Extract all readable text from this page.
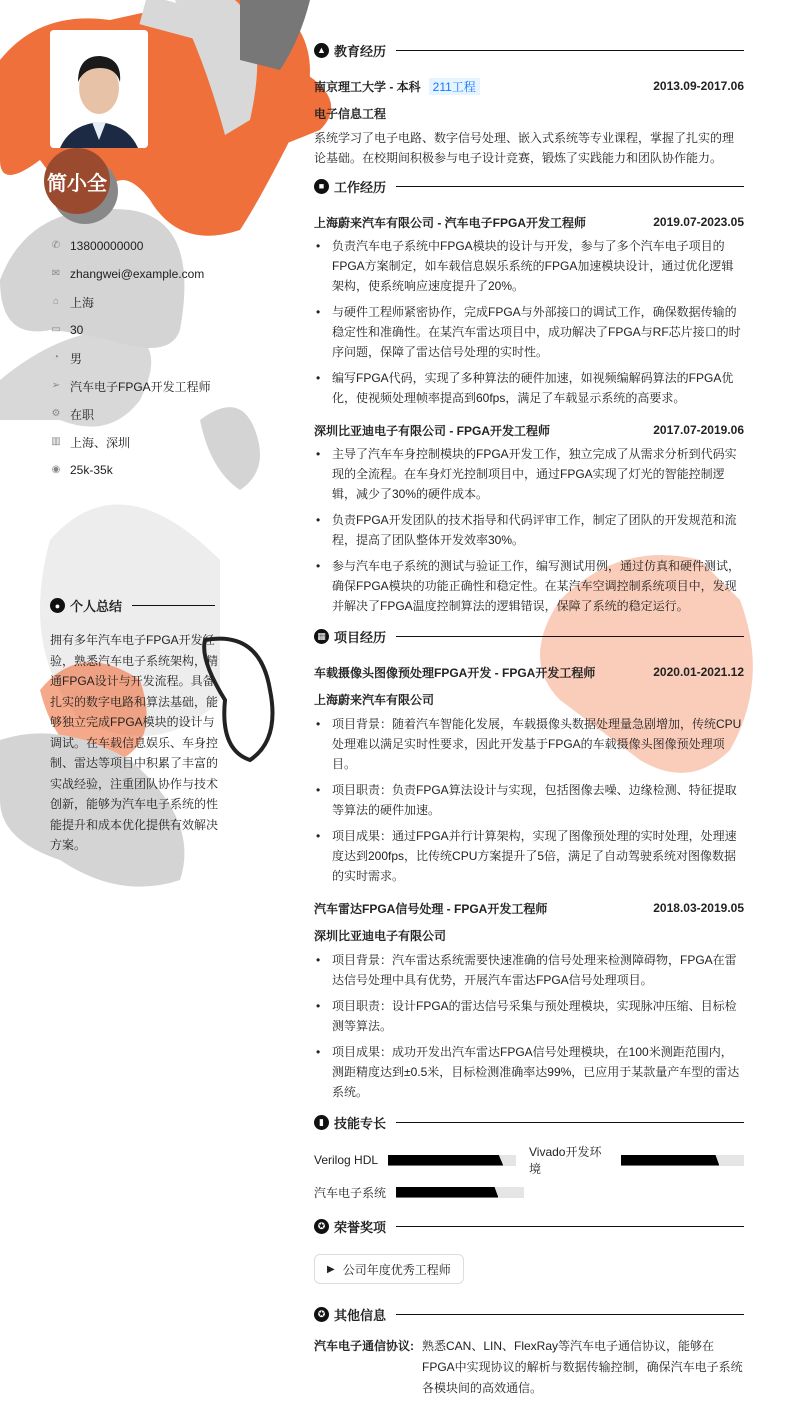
简小全
✆ 13800000000
✉ zhangwei@example.com
⌂ 上海
▭ 30
◔ 男
➢ 汽车电子FPGA开发工程师
⚙ 在职
▥ 上海、深圳
◉ 25k-35k
● 个人总结
拥有多年汽车电子FPGA开发经验，熟悉汽车电子系统架构，精通FPGA设计与开发流程。具备扎实的数字电路和算法基础，能够独立完成FPGA模块的设计与调试。在车载信息娱乐、车身控制、雷达等项目中积累了丰富的实战经验，注重团队协作与技术创新，能够为汽车电子系统的性能提升和成本优化提供有效解决方案。
▲ 教育经历
南京理工大学 - 本科 211工程	2013.09-2017.06
电子信息工程
系统学习了电子电路、数字信号处理、嵌入式系统等专业课程，掌握了扎实的理论基础。在校期间积极参与电子设计竞赛，锻炼了实践能力和团队协作能力。
■ 工作经历
上海蔚来汽车有限公司 - 汽车电子FPGA开发工程师	2019.07-2023.05
• 负责汽车电子系统中FPGA模块的设计与开发，参与了多个汽车电子项目的FPGA方案制定，如车载信息娱乐系统的FPGA加速模块设计，通过优化逻辑架构，使系统响应速度提升了20%。
• 与硬件工程师紧密协作，完成FPGA与外部接口的调试工作，确保数据传输的稳定性和准确性。在某汽车雷达项目中，成功解决了FPGA与RF芯片接口的时序问题，保障了雷达信号处理的实时性。
• 编写FPGA代码，实现了多种算法的硬件加速，如视频编解码算法的FPGA优化，使视频处理帧率提高到60fps，满足了车载显示系统的高要求。
深圳比亚迪电子有限公司 - FPGA开发工程师	2017.07-2019.06
• 主导了汽车车身控制模块的FPGA开发工作，独立完成了从需求分析到代码实现的全流程。在车身灯光控制项目中，通过FPGA实现了灯光的智能控制逻辑，减少了30%的硬件成本。
• 负责FPGA开发团队的技术指导和代码评审工作，制定了团队的开发规范和流程，提高了团队整体开发效率30%。
• 参与汽车电子系统的测试与验证工作，编写测试用例，通过仿真和硬件测试，确保FPGA模块的功能正确性和稳定性。在某汽车空调控制系统项目中，发现并解决了FPGA温度控制算法的逻辑错误，保障了系统的稳定运行。
▦ 项目经历
车载摄像头图像预处理FPGA开发 - FPGA开发工程师	2020.01-2021.12
上海蔚来汽车有限公司
• 项目背景：随着汽车智能化发展，车载摄像头数据处理量急剧增加，传统CPU处理难以满足实时性要求，因此开发基于FPGA的车载摄像头图像预处理项目。
• 项目职责：负责FPGA算法设计与实现，包括图像去噪、边缘检测、特征提取等算法的硬件加速。
• 项目成果：通过FPGA并行计算架构，实现了图像预处理的实时处理，处理速度达到200fps，比传统CPU方案提升了5倍，满足了自动驾驶系统对图像数据的实时需求。
汽车雷达FPGA信号处理 - FPGA开发工程师	2018.03-2019.05
深圳比亚迪电子有限公司
• 项目背景：汽车雷达系统需要快速准确的信号处理来检测障碍物，FPGA在雷达信号处理中具有优势，开展汽车雷达FPGA信号处理项目。
• 项目职责：设计FPGA的雷达信号采集与预处理模块，实现脉冲压缩、目标检测等算法。
• 项目成果：成功开发出汽车雷达FPGA信号处理模块，在100米测距范围内，测距精度达到±0.5米，目标检测准确率达99%，已应用于某款量产车型的雷达系统。
▮ 技能专长
Verilog HDL
Vivado开发环境
汽车电子系统
✪ 荣誉奖项
▶ 公司年度优秀工程师
✪ 其他信息
汽车电子通信协议: 熟悉CAN、LIN、FlexRay等汽车电子通信协议，能够在FPGA中实现协议的解析与数据传输控制，确保汽车电子系统各模块间的高效通信。
